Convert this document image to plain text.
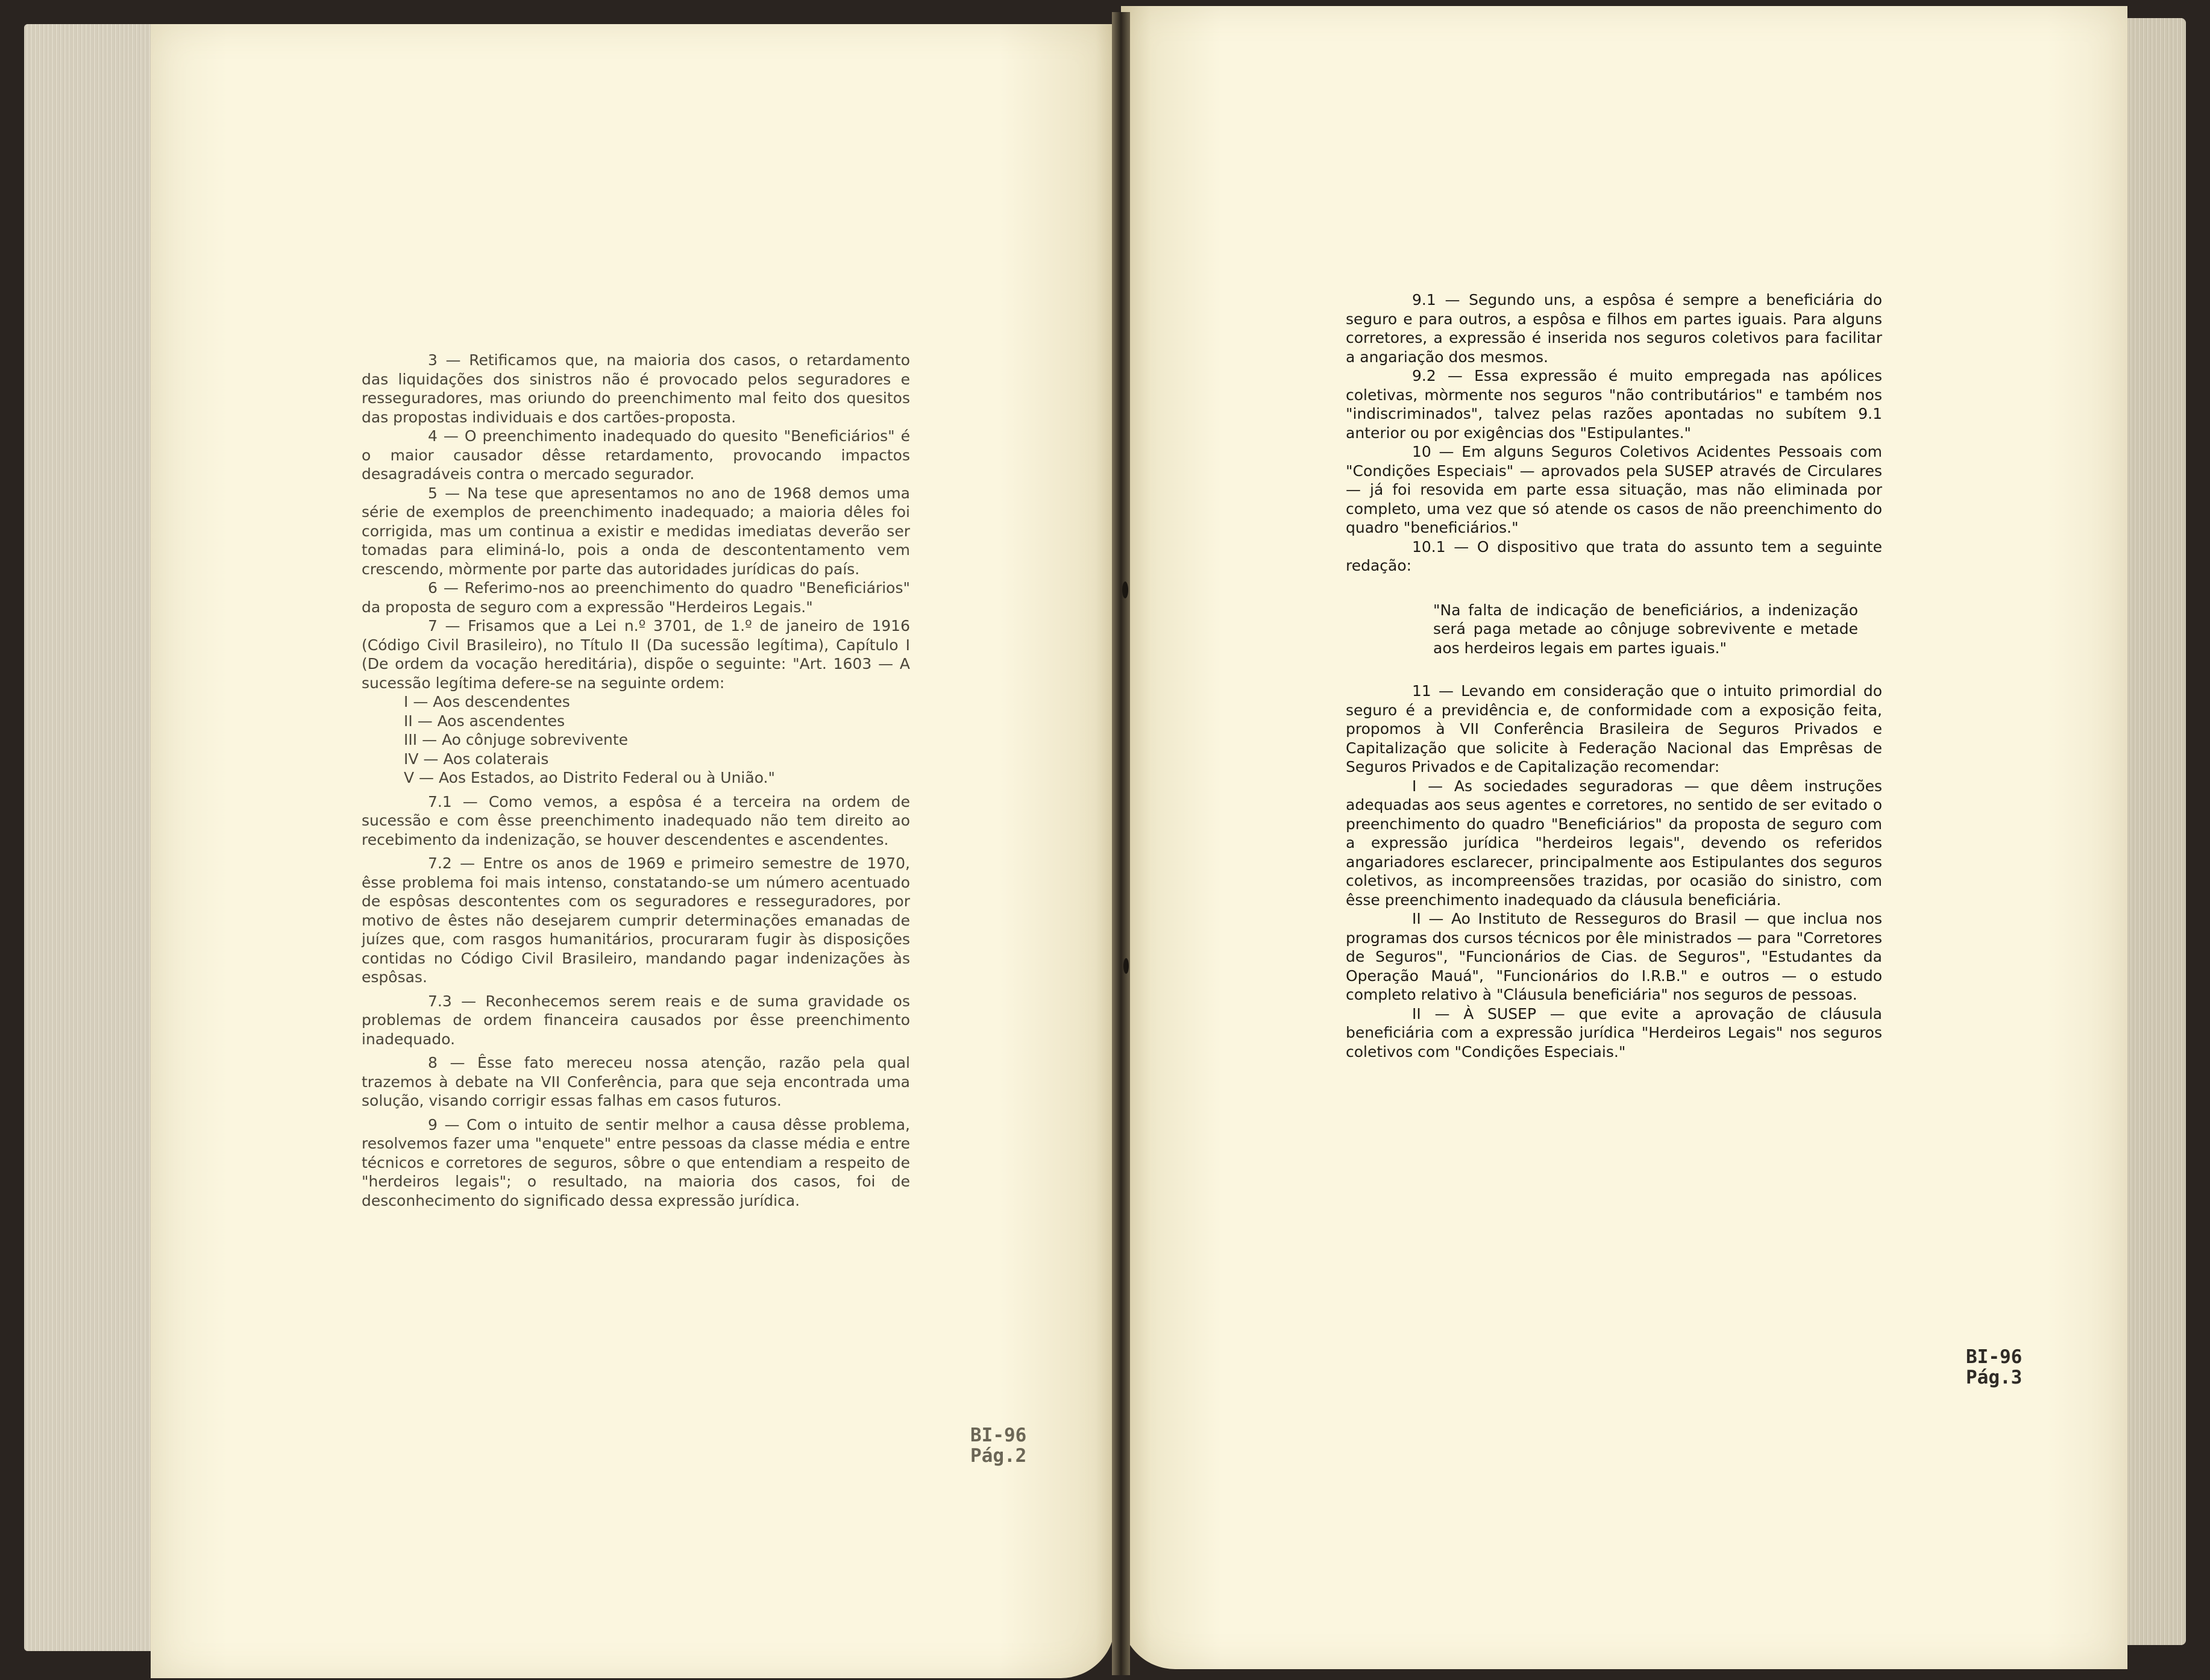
3 — Retificamos que, na maioria dos casos, o retardamento das liquidações dos sinistros não é provocado pelos seguradores e resseguradores, mas oriundo do preenchimento mal feito dos quesitos das propostas individuais e dos cartões-proposta.

4 — O preenchimento inadequado do quesito "Beneficiários" é o maior causador dêsse retardamento, provocando impactos desagradáveis contra o mercado segurador.

5 — Na tese que apresentamos no ano de 1968 demos uma série de exemplos de preenchimento inadequado; a maioria dêles foi corrigida, mas um continua a existir e medidas imediatas deverão ser tomadas para eliminá-lo, pois a onda de descontentamento vem crescendo, mòrmente por parte das autoridades jurídicas do país.

6 — Referimo-nos ao preenchimento do quadro "Beneficiários" da proposta de seguro com a expressão "Herdeiros Legais."

7 — Frisamos que a Lei n.º 3701, de 1.º de janeiro de 1916 (Código Civil Brasileiro), no Título II (Da sucessão legítima), Capítulo I (De ordem da vocação hereditária), dispõe o seguinte: "Art. 1603 — A sucessão legítima defere-se na seguinte ordem:

I — Aos descendentes
II — Aos ascendentes
III — Ao cônjuge sobrevivente
IV — Aos colaterais
V — Aos Estados, ao Distrito Federal ou à União."

7.1 — Como vemos, a espôsa é a terceira na ordem de sucessão e com êsse preenchimento inadequado não tem direito ao recebimento da indenização, se houver descendentes e ascendentes.

7.2 — Entre os anos de 1969 e primeiro semestre de 1970, êsse problema foi mais intenso, constatando-se um número acentuado de espôsas descontentes com os seguradores e resseguradores, por motivo de êstes não desejarem cumprir determinações emanadas de juízes que, com rasgos humanitários, procuraram fugir às disposições contidas no Código Civil Brasileiro, mandando pagar indenizações às espôsas.

7.3 — Reconhecemos serem reais e de suma gravidade os problemas de ordem financeira causados por êsse preenchimento inadequado.

8 — Êsse fato mereceu nossa atenção, razão pela qual trazemos à debate na VII Conferência, para que seja encontrada uma solução, visando corrigir essas falhas em casos futuros.

9 — Com o intuito de sentir melhor a causa dêsse problema, resolvemos fazer uma "enquete" entre pessoas da classe média e entre técnicos e corretores de seguros, sôbre o que entendiam a respeito de "herdeiros legais"; o resultado, na maioria dos casos, foi de desconhecimento do significado dessa expressão jurídica.

BI-96
Pág.2

9.1 — Segundo uns, a espôsa é sempre a beneficiária do seguro e para outros, a espôsa e filhos em partes iguais. Para alguns corretores, a expressão é inserida nos seguros coletivos para facilitar a angariação dos mesmos.

9.2 — Essa expressão é muito empregada nas apólices coletivas, mòrmente nos seguros "não contributários" e também nos "indiscriminados", talvez pelas razões apontadas no subítem 9.1 anterior ou por exigências dos "Estipulantes."

10 — Em alguns Seguros Coletivos Acidentes Pessoais com "Condições Especiais" — aprovados pela SUSEP através de Circulares — já foi resovida em parte essa situação, mas não eliminada por completo, uma vez que só atende os casos de não preenchimento do quadro "beneficiários."

10.1 — O dispositivo que trata do assunto tem a seguinte redação:

"Na falta de indicação de beneficiários, a indenização será paga metade ao cônjuge sobrevivente e metade aos herdeiros legais em partes iguais."

11 — Levando em consideração que o intuito primordial do seguro é a previdência e, de conformidade com a exposição feita, propomos à VII Conferência Brasileira de Seguros Privados e Capitalização que solicite à Federação Nacional das Emprêsas de Seguros Privados e de Capitalização recomendar:

I — As sociedades seguradoras — que dêem instruções adequadas aos seus agentes e corretores, no sentido de ser evitado o preenchimento do quadro "Beneficiários" da proposta de seguro com a expressão jurídica "herdeiros legais", devendo os referidos angariadores esclarecer, principalmente aos Estipulantes dos seguros coletivos, as incompreensões trazidas, por ocasião do sinistro, com êsse preenchimento inadequado da cláusula beneficiária.

II — Ao Instituto de Resseguros do Brasil — que inclua nos programas dos cursos técnicos por êle ministrados — para "Corretores de Seguros", "Funcionários de Cias. de Seguros", "Estudantes da Operação Mauá", "Funcionários do I.R.B." e outros — o estudo completo relativo à "Cláusula beneficiária" nos seguros de pessoas.

II — À SUSEP — que evite a aprovação de cláusula beneficiária com a expressão jurídica "Herdeiros Legais" nos seguros coletivos com "Condições Especiais."

BI-96
Pág.3
